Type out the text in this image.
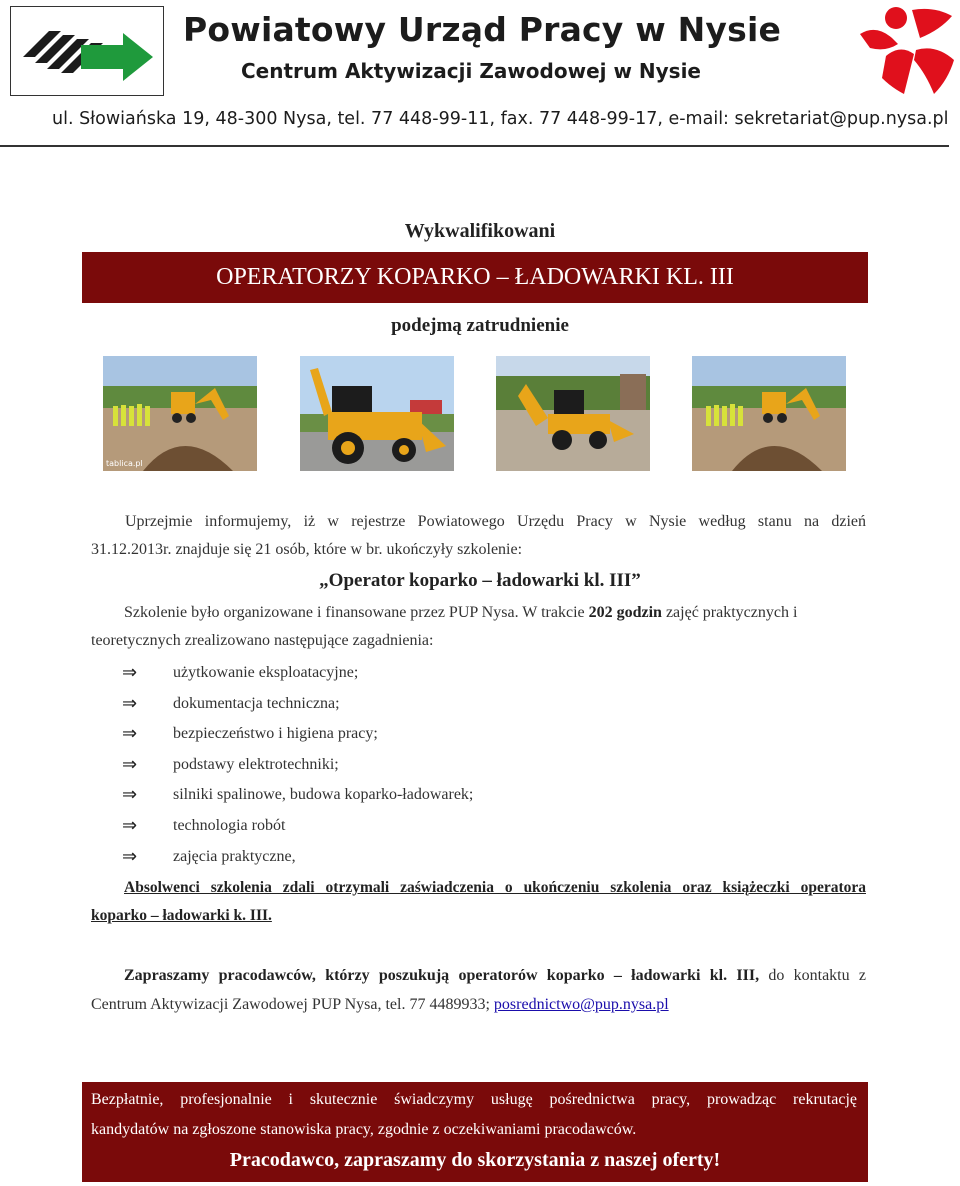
Powiatowy Urząd Pracy w Nysie
Centrum Aktywizacji Zawodowej w Nysie
ul. Słowiańska 19, 48-300 Nysa, tel. 77 448-99-11, fax. 77 448-99-17, e-mail: sekretariat@pup.nysa.pl
Wykwalifikowani
OPERATORZY KOPARKO – ŁADOWARKI KL. III
podejmą zatrudnienie
tablica.pl
Uprzejmie informujemy, iż w rejestrze Powiatowego Urzędu Pracy w Nysie według stanu na dzień
31.12.2013r. znajduje się 21 osób, które w br. ukończyły szkolenie:
„Operator koparko – ładowarki kl. III”
Szkolenie było organizowane i finansowane przez PUP Nysa. W trakcie 202 godzin zajęć praktycznych i
teoretycznych zrealizowano następujące zagadnienia:
⇒ użytkowanie eksploatacyjne;
⇒ dokumentacja techniczna;
⇒ bezpieczeństwo i higiena pracy;
⇒ podstawy elektrotechniki;
⇒ silniki spalinowe, budowa koparko-ładowarek;
⇒ technologia robót
⇒ zajęcia praktyczne,
Absolwenci szkolenia zdali otrzymali zaświadczenia o ukończeniu szkolenia oraz książeczki operatora
koparko – ładowarki k. III.
Zapraszamy pracodawców, którzy poszukują operatorów koparko – ładowarki kl. III, do kontaktu z
Centrum Aktywizacji Zawodowej PUP Nysa, tel. 77 4489933; posrednictwo@pup.nysa.pl
Bezpłatnie, profesjonalnie i skutecznie świadczymy usługę pośrednictwa pracy, prowadząc rekrutację
kandydatów na zgłoszone stanowiska pracy, zgodnie z oczekiwaniami pracodawców.
Pracodawco, zapraszamy do skorzystania z naszej oferty!
